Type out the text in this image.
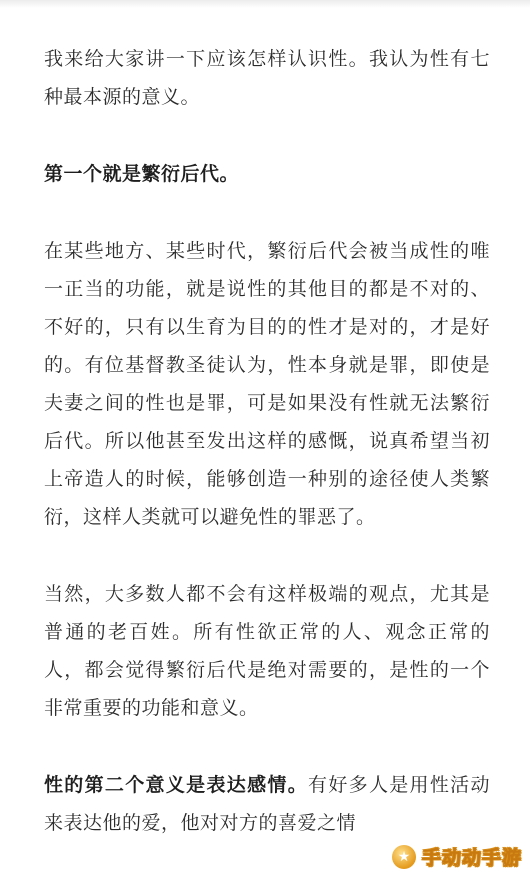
我来给大家讲一下应该怎样认识性。我认为性有七种最本源的意义。

第一个就是繁衍后代。

在某些地方、某些时代，繁衍后代会被当成性的唯一正当的功能，就是说性的其他目的都是不对的、不好的，只有以生育为目的的性才是对的，才是好的。有位基督教圣徒认为，性本身就是罪，即使是夫妻之间的性也是罪，可是如果没有性就无法繁衍后代。所以他甚至发出这样的感慨，说真希望当初上帝造人的时候，能够创造一种别的途径使人类繁衍，这样人类就可以避免性的罪恶了。

当然，大多数人都不会有这样极端的观点，尤其是普通的老百姓。所有性欲正常的人、观念正常的人，都会觉得繁衍后代是绝对需要的，是性的一个非常重要的功能和意义。

性的第二个意义是表达感情。有好多人是用性活动来表达他的爱，他对对方的喜爱之情

★ 手动动手游
